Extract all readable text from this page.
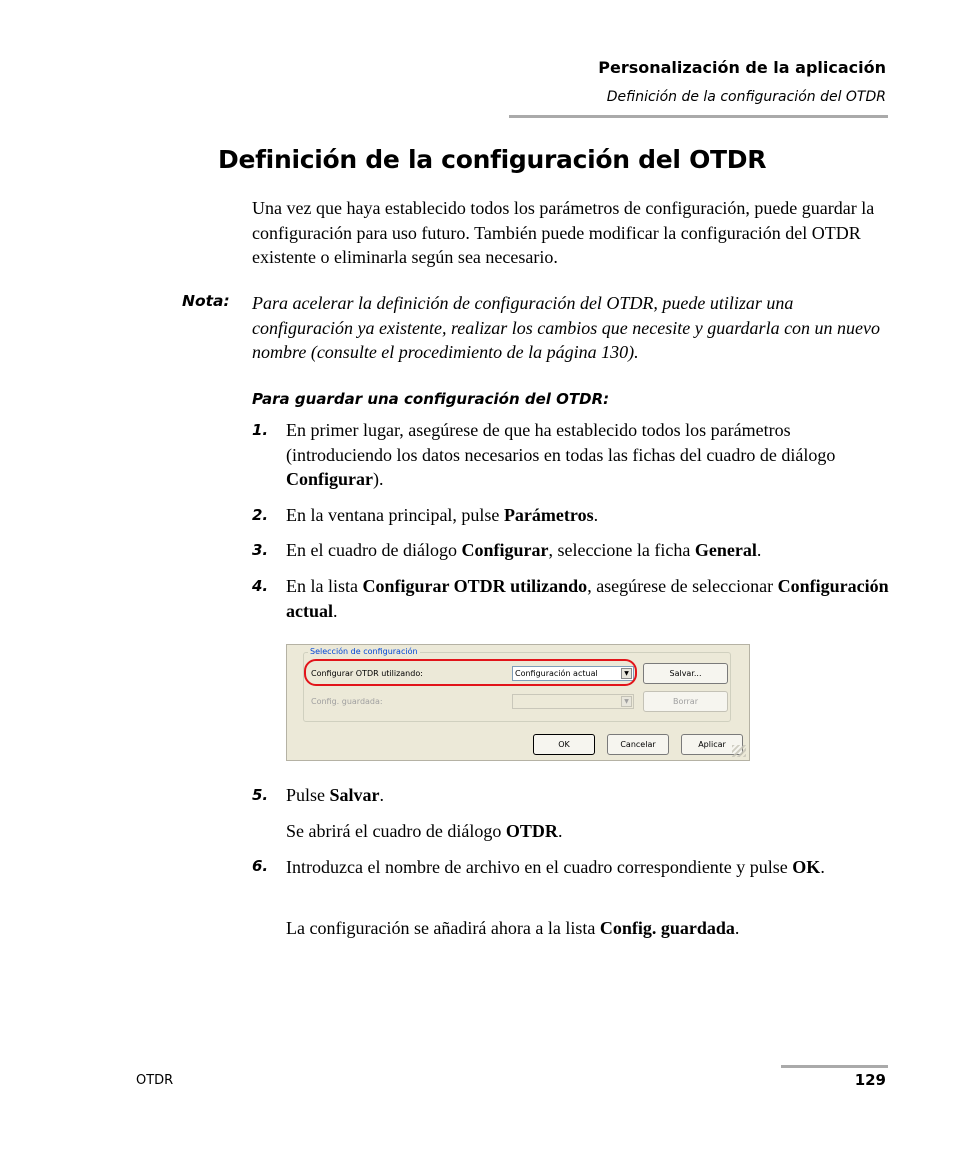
Personalización de la aplicación
Definición de la configuración del OTDR
Definición de la configuración del OTDR

Una vez que haya establecido todos los parámetros de configuración, puede guardar la configuración para uso futuro. También puede modificar la configuración del OTDR existente o eliminarla según sea necesario.

Nota: Para acelerar la definición de configuración del OTDR, puede utilizar una configuración ya existente, realizar los cambios que necesite y guardarla con un nuevo nombre (consulte el procedimiento de la página 130).

Para guardar una configuración del OTDR:
1. En primer lugar, asegúrese de que ha establecido todos los parámetros (introduciendo los datos necesarios en todas las fichas del cuadro de diálogo Configurar).

2. En la ventana principal, pulse Parámetros.

3. En el cuadro de diálogo Configurar, seleccione la ficha General.

4. En la lista Configurar OTDR utilizando, asegúrese de seleccionar Configuración actual.

Selección de configuración
Configurar OTDR utilizando:	Configuración actual	▼	Salvar...
Config. guardada:	▼	Borrar
OK	Cancelar	Aplicar
5. Pulse Salvar.

Se abrirá el cuadro de diálogo OTDR.

6. Introduzca el nombre de archivo en el cuadro correspondiente y pulse OK.

La configuración se añadirá ahora a la lista Config. guardada.

OTDR	129
